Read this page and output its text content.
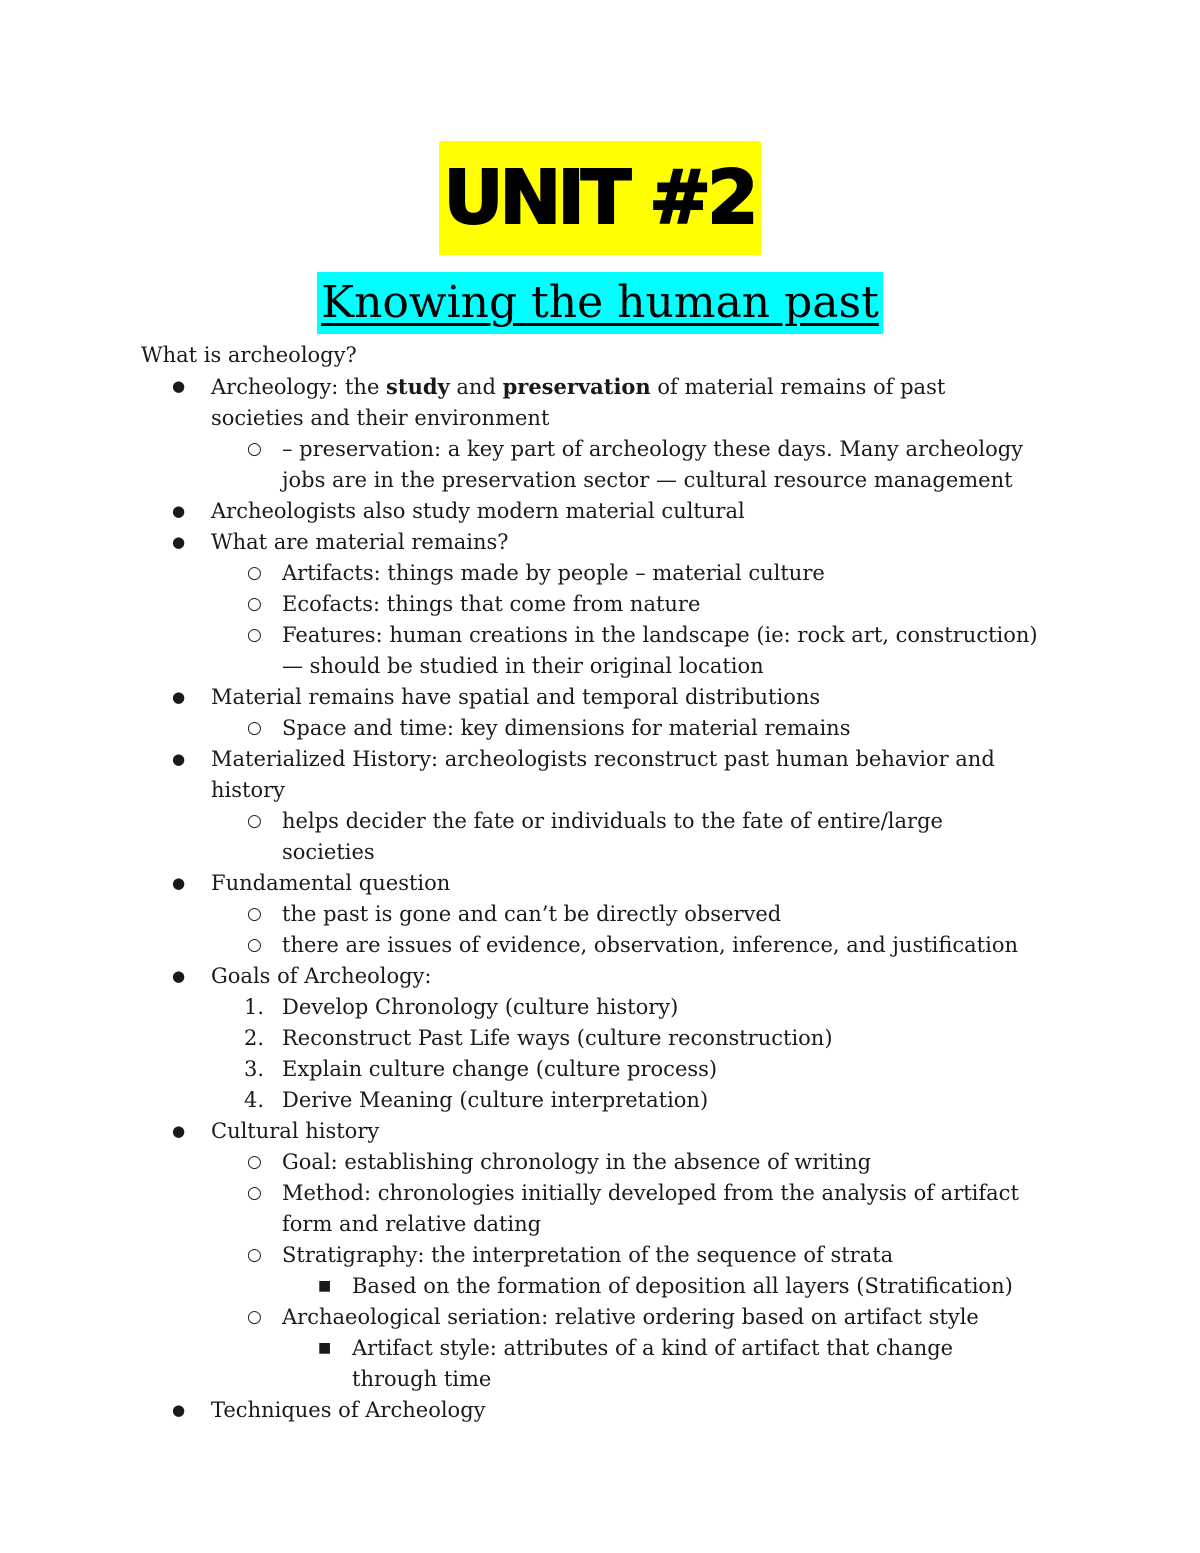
UNIT #2
Knowing the human past

What is archeology?

● Archeology: the study and preservation of material remains of past societies and their environment
○ – preservation: a key part of archeology these days. Many archeology jobs are in the preservation sector — cultural resource management
● Archeologists also study modern material cultural
● What are material remains?
○ Artifacts: things made by people – material culture
○ Ecofacts: things that come from nature
○ Features: human creations in the landscape (ie: rock art, construction) — should be studied in their original location
● Material remains have spatial and temporal distributions
○ Space and time: key dimensions for material remains
● Materialized History: archeologists reconstruct past human behavior and history
○ helps decider the fate or individuals to the fate of entire/large societies
● Fundamental question
○ the past is gone and can’t be directly observed
○ there are issues of evidence, observation, inference, and justification
● Goals of Archeology:
1. Develop Chronology (culture history)
2. Reconstruct Past Life ways (culture reconstruction)
3. Explain culture change (culture process)
4. Derive Meaning (culture interpretation)
● Cultural history
○ Goal: establishing chronology in the absence of writing
○ Method: chronologies initially developed from the analysis of artifact form and relative dating
○ Stratigraphy: the interpretation of the sequence of strata
■ Based on the formation of deposition all layers (Stratification)
○ Archaeological seriation: relative ordering based on artifact style
■ Artifact style: attributes of a kind of artifact that change through time
● Techniques of Archeology
